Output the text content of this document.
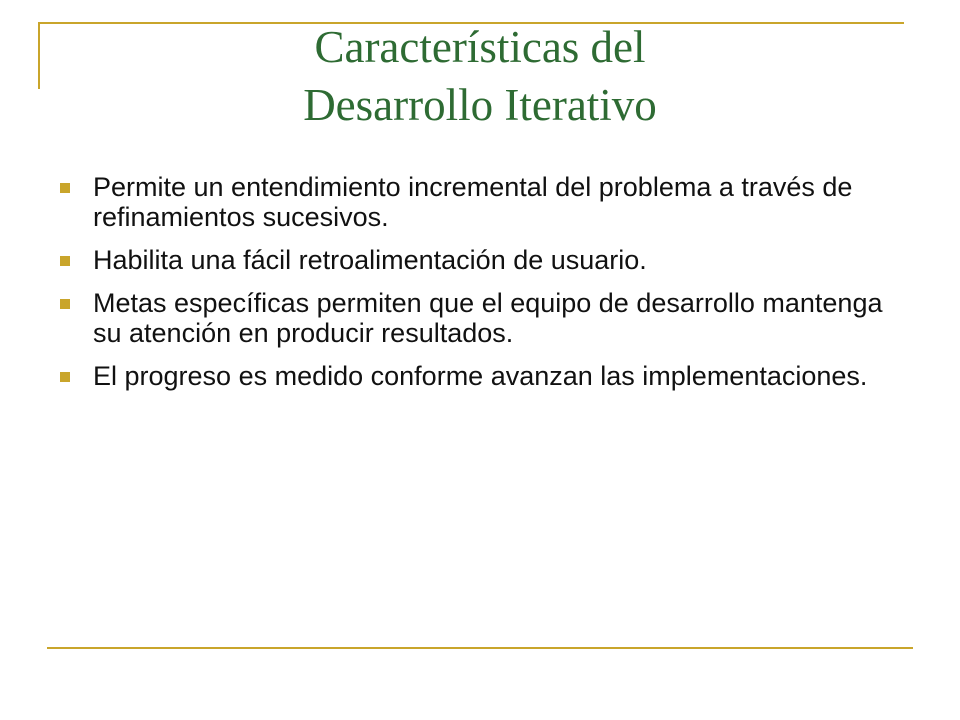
Características del
Desarrollo Iterativo
Permite un entendimiento incremental del problema a través de refinamientos sucesivos.
Habilita una fácil retroalimentación de usuario.
Metas específicas permiten que el equipo de desarrollo mantenga su atención en producir resultados.
El progreso es medido conforme avanzan las implementaciones.
